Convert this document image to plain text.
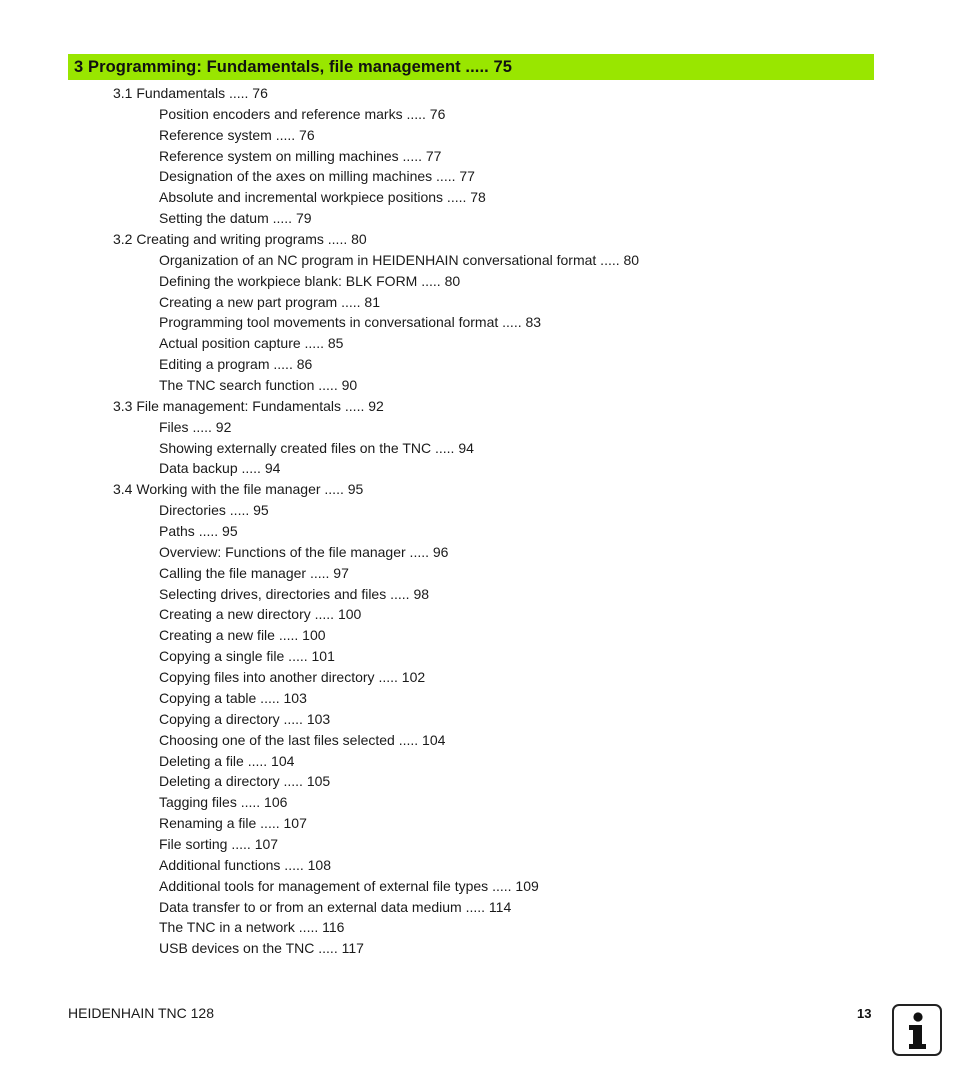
3 Programming: Fundamentals, file management ..... 75
3.1 Fundamentals ..... 76
Position encoders and reference marks ..... 76
Reference system ..... 76
Reference system on milling machines ..... 77
Designation of the axes on milling machines ..... 77
Absolute and incremental workpiece positions ..... 78
Setting the datum ..... 79
3.2 Creating and writing programs ..... 80
Organization of an NC program in HEIDENHAIN conversational format ..... 80
Defining the workpiece blank: BLK FORM ..... 80
Creating a new part program ..... 81
Programming tool movements in conversational format ..... 83
Actual position capture ..... 85
Editing a program ..... 86
The TNC search function ..... 90
3.3 File management: Fundamentals ..... 92
Files ..... 92
Showing externally created files on the TNC ..... 94
Data backup ..... 94
3.4 Working with the file manager ..... 95
Directories ..... 95
Paths ..... 95
Overview: Functions of the file manager ..... 96
Calling the file manager ..... 97
Selecting drives, directories and files ..... 98
Creating a new directory ..... 100
Creating a new file ..... 100
Copying a single file ..... 101
Copying files into another directory ..... 102
Copying a table ..... 103
Copying a directory ..... 103
Choosing one of the last files selected ..... 104
Deleting a file ..... 104
Deleting a directory ..... 105
Tagging files ..... 106
Renaming a file ..... 107
File sorting ..... 107
Additional functions ..... 108
Additional tools for management of external file types ..... 109
Data transfer to or from an external data medium ..... 114
The TNC in a network ..... 116
USB devices on the TNC ..... 117
HEIDENHAIN TNC 128	13
